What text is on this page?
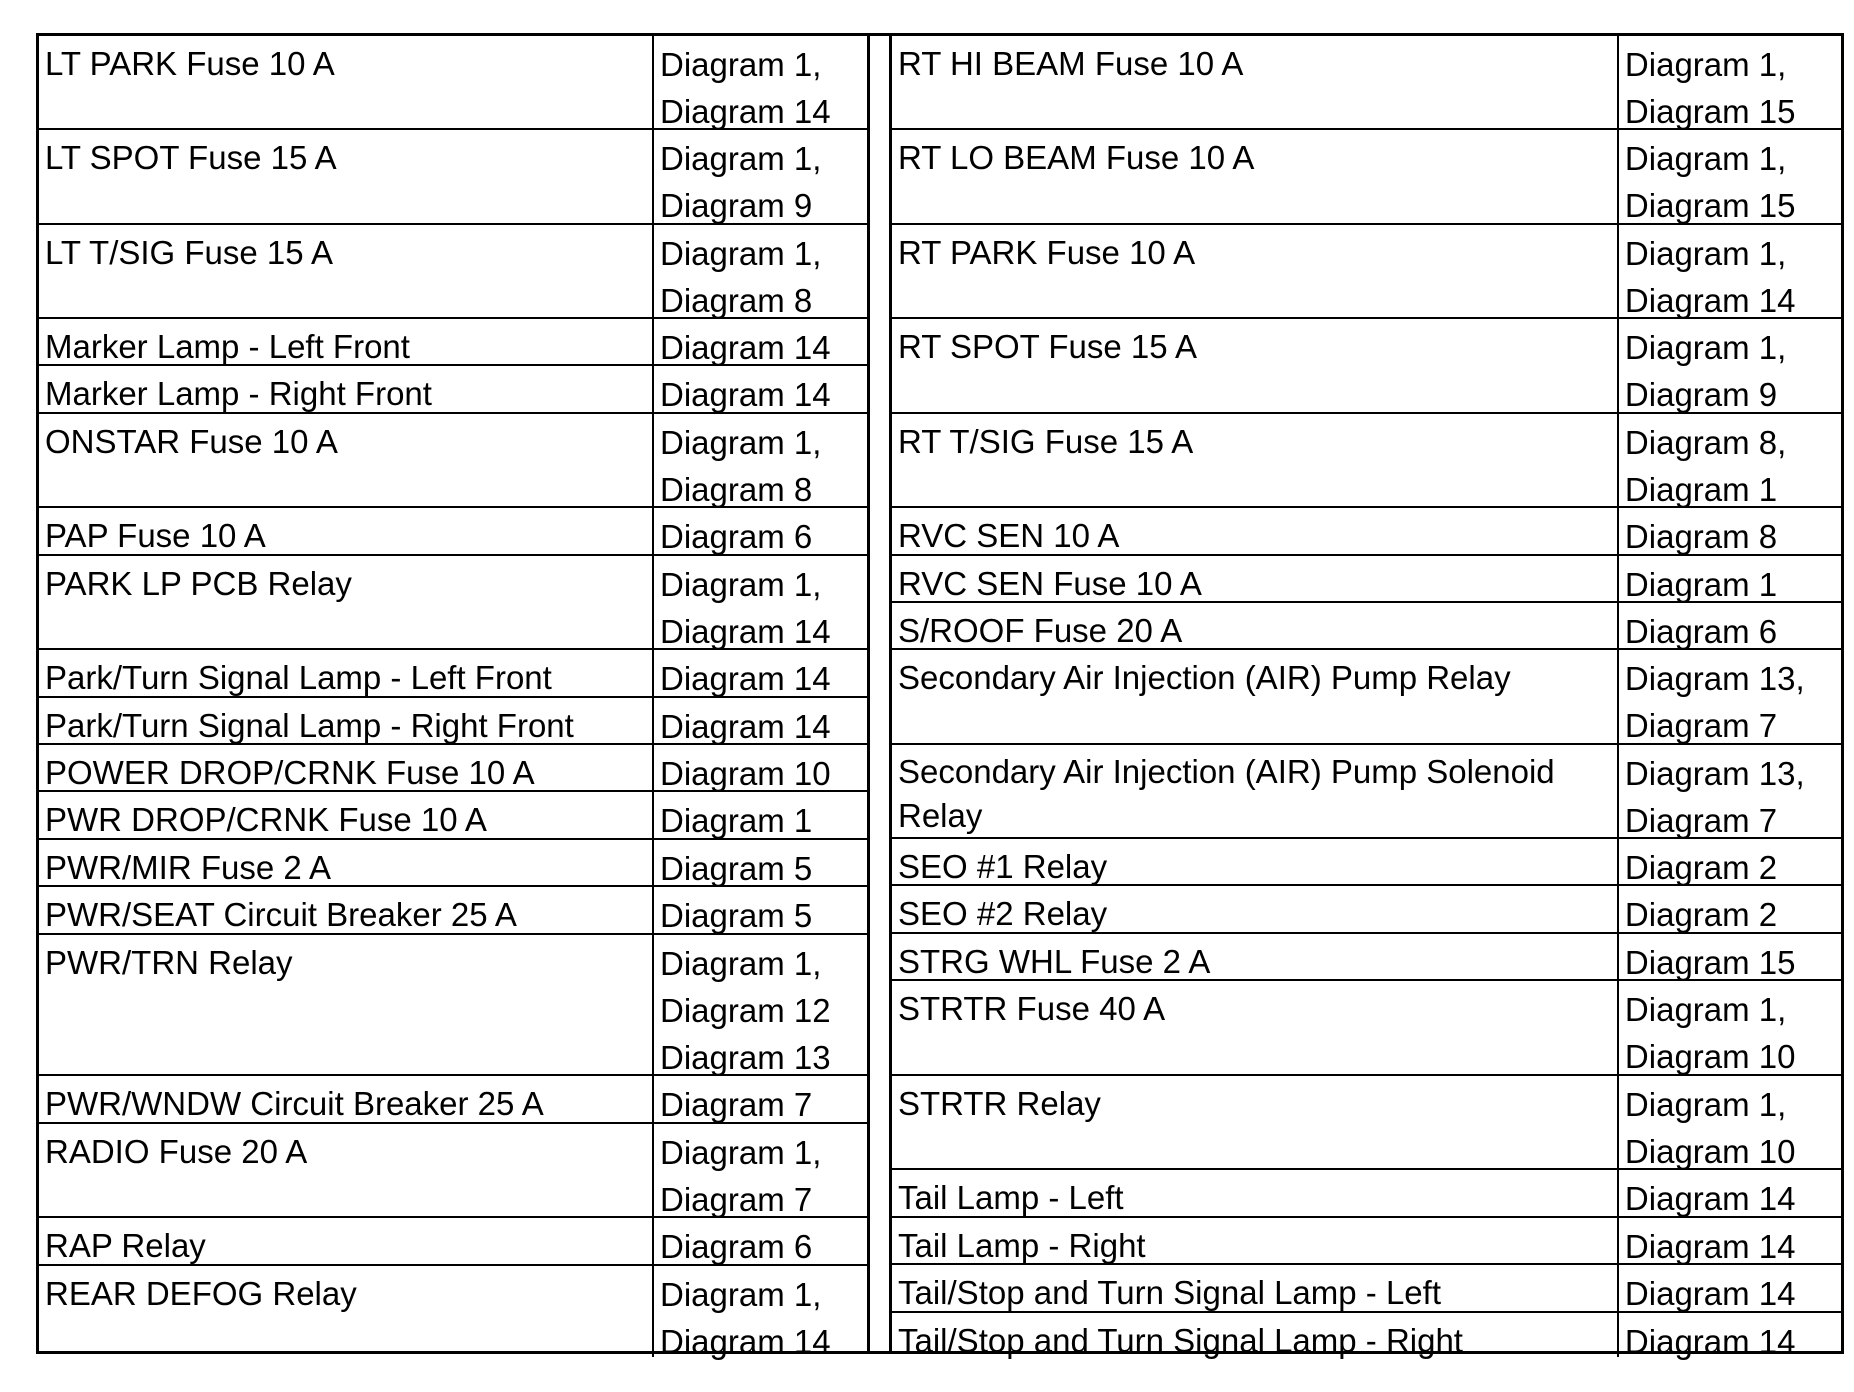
LT PARK Fuse 10 A	Diagram 1,
Diagram 14
LT SPOT Fuse 15 A	Diagram 1,
Diagram 9
LT T/SIG Fuse 15 A	Diagram 1,
Diagram 8
Marker Lamp - Left Front	Diagram 14
Marker Lamp - Right Front	Diagram 14
ONSTAR Fuse 10 A	Diagram 1,
Diagram 8
PAP Fuse 10 A	Diagram 6
PARK LP PCB Relay	Diagram 1,
Diagram 14
Park/Turn Signal Lamp - Left Front	Diagram 14
Park/Turn Signal Lamp - Right Front	Diagram 14
POWER DROP/CRNK Fuse 10 A	Diagram 10
PWR DROP/CRNK Fuse 10 A	Diagram 1
PWR/MIR Fuse 2 A	Diagram 5
PWR/SEAT Circuit Breaker 25 A	Diagram 5
PWR/TRN Relay	Diagram 1,
Diagram 12
Diagram 13
PWR/WNDW Circuit Breaker 25 A	Diagram 7
RADIO Fuse 20 A	Diagram 1,
Diagram 7
RAP Relay	Diagram 6
REAR DEFOG Relay	Diagram 1,
Diagram 14
RT HI BEAM Fuse 10 A	Diagram 1,
Diagram 15
RT LO BEAM Fuse 10 A	Diagram 1,
Diagram 15
RT PARK Fuse 10 A	Diagram 1,
Diagram 14
RT SPOT Fuse 15 A	Diagram 1,
Diagram 9
RT T/SIG Fuse 15 A	Diagram 8,
Diagram 1
RVC SEN 10 A	Diagram 8
RVC SEN Fuse 10 A	Diagram 1
S/ROOF Fuse 20 A	Diagram 6
Secondary Air Injection (AIR) Pump Relay	Diagram 13,
Diagram 7
Secondary Air Injection (AIR) Pump Solenoid Relay
Diagram 13,
Diagram 7
SEO #1 Relay	Diagram 2
SEO #2 Relay	Diagram 2
STRG WHL Fuse 2 A	Diagram 15
STRTR Fuse 40 A	Diagram 1,
Diagram 10
STRTR Relay	Diagram 1,
Diagram 10
Tail Lamp - Left	Diagram 14
Tail Lamp - Right	Diagram 14
Tail/Stop and Turn Signal Lamp - Left	Diagram 14
Tail/Stop and Turn Signal Lamp - Right	Diagram 14
